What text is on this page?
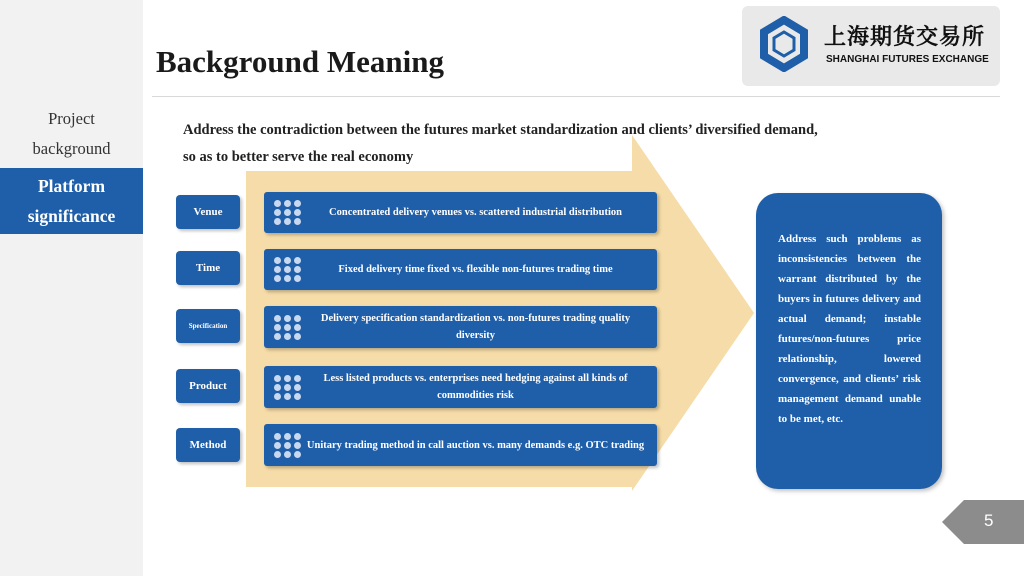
Project
background
Platform
significance
Background Meaning
上海期货交易所
SHANGHAI FUTURES EXCHANGE
Address the contradiction between the futures market standardization and clients’ diversified demand,
so as to better serve the real economy
Venue
Time
Specification
Product
Method
Concentrated delivery venues vs. scattered industrial distribution
Fixed delivery time fixed vs. flexible non-futures trading time
Delivery specification standardization vs. non-futures trading quality diversity
Less listed products vs. enterprises need hedging against all kinds of commodities risk
Unitary trading method in call auction vs. many demands e.g. OTC trading
Address such problems as inconsistencies between the warrant distributed by the buyers in futures delivery and actual demand; instable futures/non-futures price relationship, lowered convergence, and clients’ risk management demand unable to be met, etc.
5
